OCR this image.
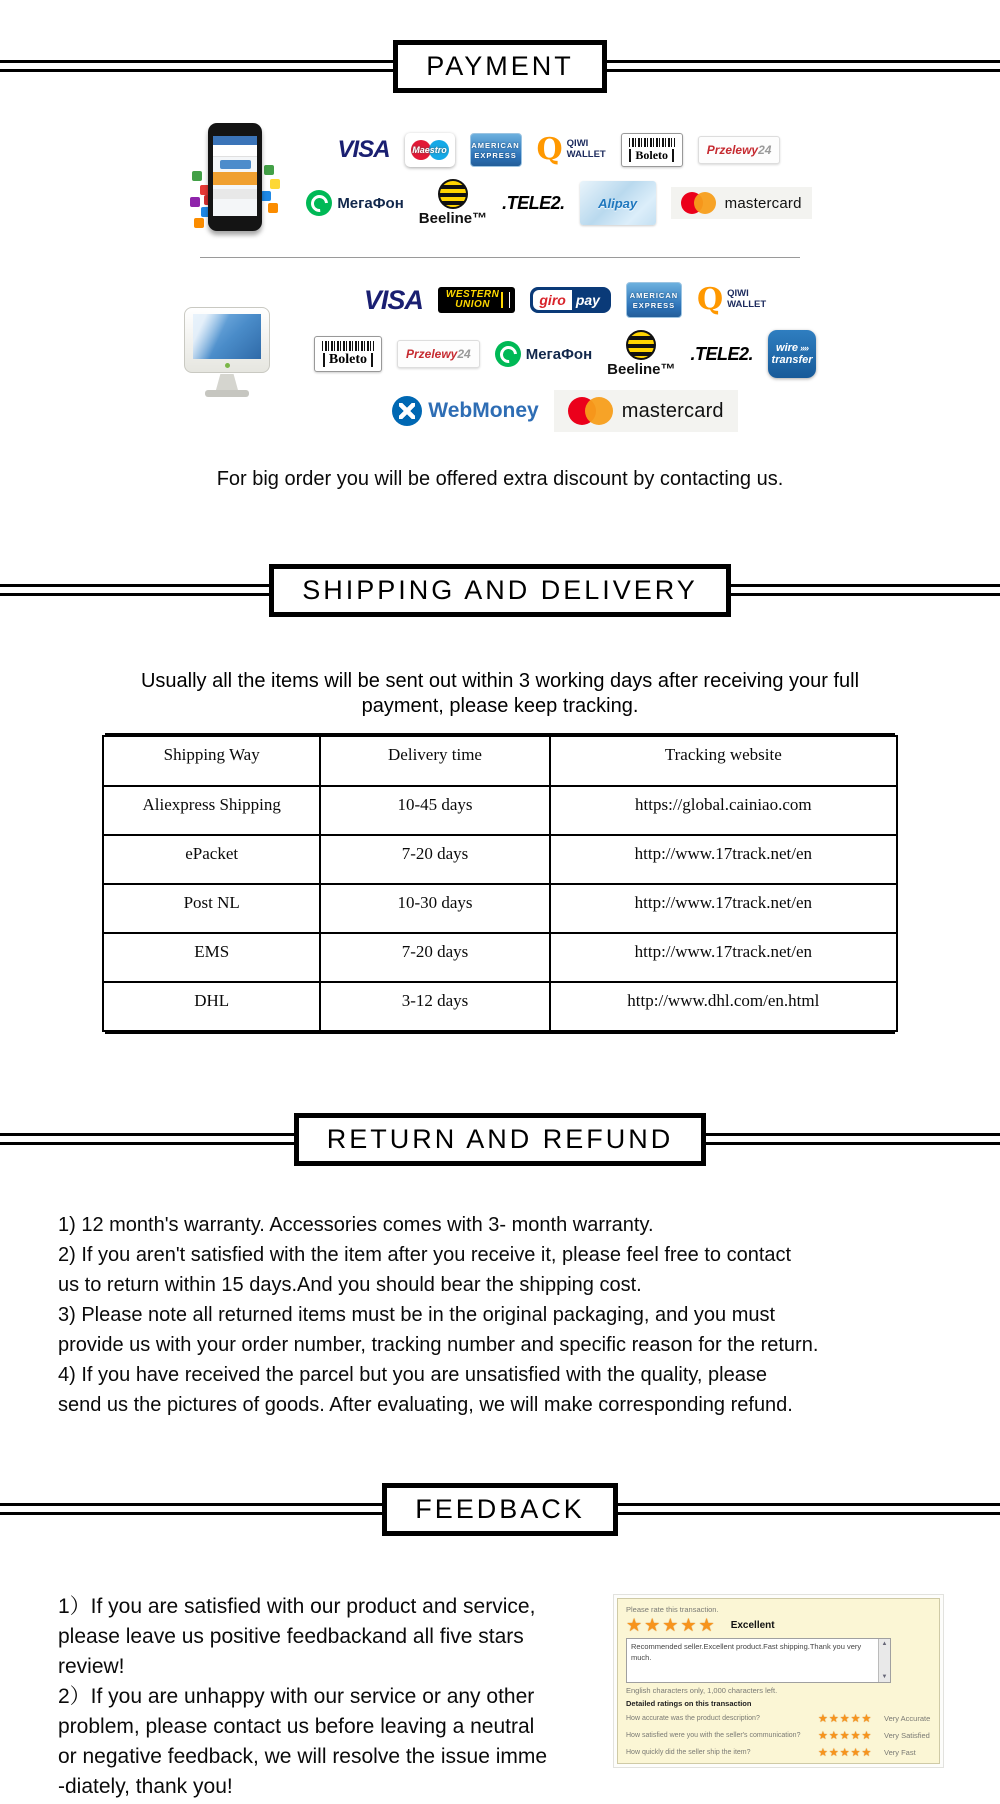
PAYMENT
VISA	Maestro	AMERICAN
EXPRESS Q QIWI
WALLET	Boleto	Przelewy 24
МегаФон
Beeline™
.TELE2.	Alipay	mastercard
VISA WESTERN
UNION	giro pay	AMERICAN
EXPRESS Q QIWI
WALLET
Boleto	Przelewy 24	МегаФон
Beeline™
.TELE2. wire »»
transfer
WebMoney	mastercard

For big order you will be offered extra discount by contacting us.

SHIPPING AND DELIVERY
Usually all the items will be sent out within 3 working days after receiving your full
payment, please keep tracking.
Shipping Way	Delivery time	Tracking website
Aliexpress Shipping	10-45 days	https://global.cainiao.com
ePacket	7-20 days	http://www.17track.net/en
Post NL	10-30 days	http://www.17track.net/en
EMS	7-20 days	http://www.17track.net/en
DHL	3-12 days	http://www.dhl.com/en.html
RETURN AND REFUND
1) 12 month's warranty. Accessories comes with 3- month warranty.
2) If you aren't satisfied with the item after you receive it, please feel free to contact
us to return within 15 days.And you should bear the shipping cost.
3) Please note all returned items must be in the original packaging, and you must
provide us with your order number, tracking number and specific reason for the return.
4) If you have received the parcel but you are unsatisfied with the quality, please
send us the pictures of goods. After evaluating, we will make corresponding refund.
FEEDBACK
1）If you are satisfied with our product and service,
please leave us positive feedbackand all five stars
review!
2）If you are unhappy with our service or any other
problem, please contact us before leaving a neutral
or negative feedback, we will resolve the issue imme
-diately, thank you!
Please rate this transaction.
★★★★★ Excellent
Recommended seller.Excellent product.Fast shipping.Thank you very much.
▲
▼
English characters only, 1,000 characters left.
Detailed ratings on this transaction
How accurate was the product description?	★★★★★	Very Accurate
How satisfied were you with the seller's communication?	★★★★★	Very Satisfied
How quickly did the seller ship the item?	★★★★★	Very Fast
